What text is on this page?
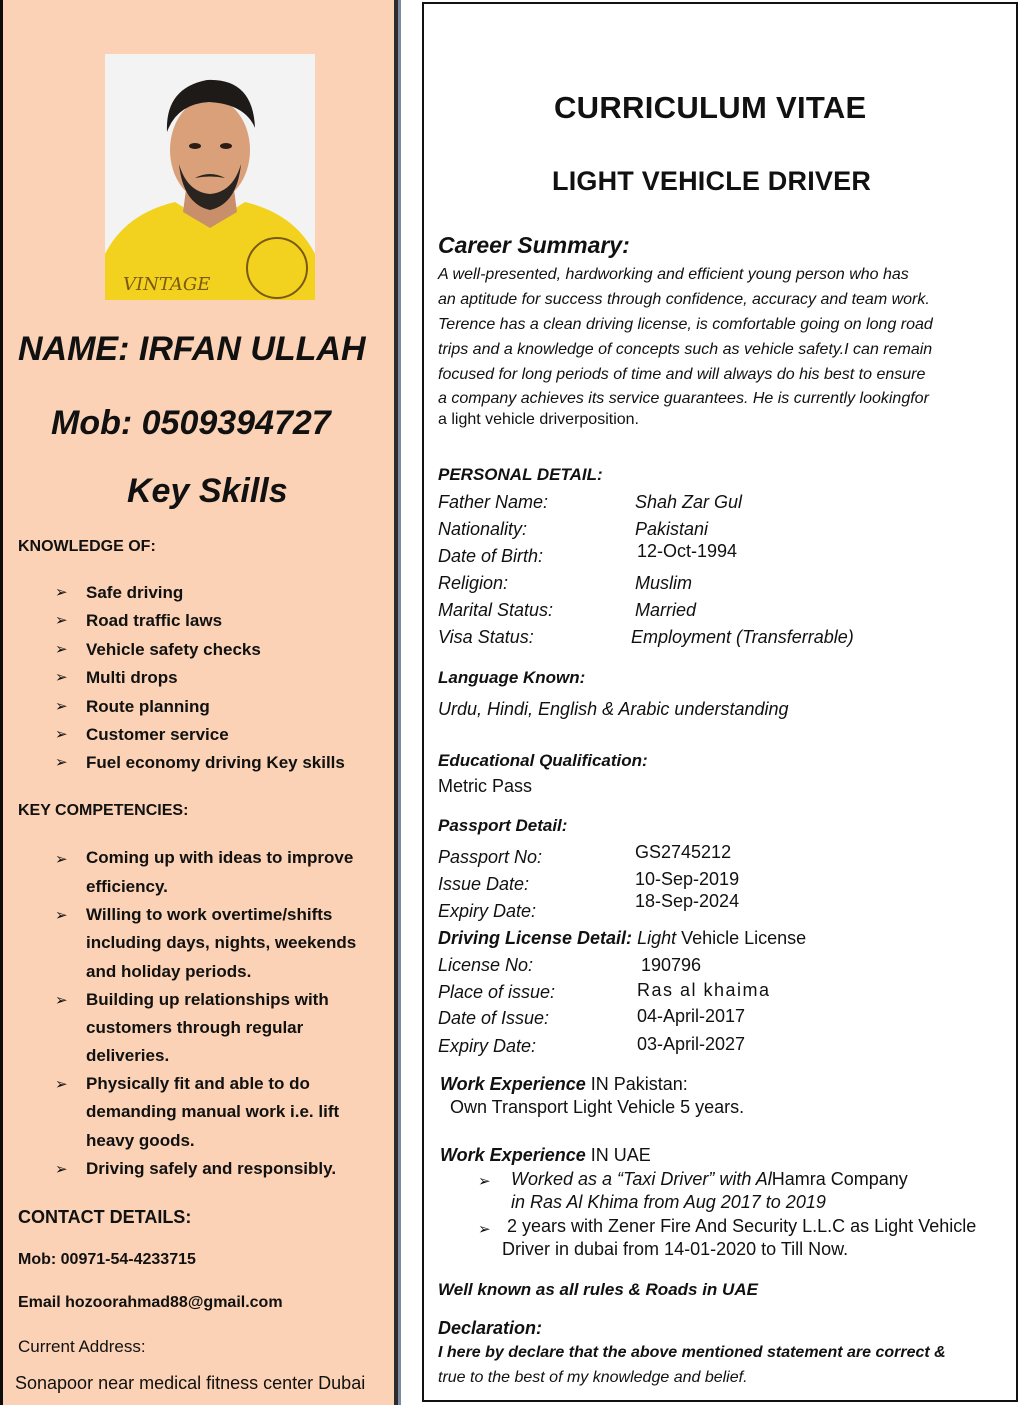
VINTAGE
NAME: IRFAN ULLAH
Mob: 0509394727
Key Skills
KNOWLEDGE OF:
➢ Safe driving
➢ Road traffic laws
➢ Vehicle safety checks
➢ Multi drops
➢ Route planning
➢ Customer service
➢ Fuel economy driving Key skills
KEY COMPETENCIES:
➢ Coming up with ideas to improve
efficiency.
➢ Willing to work overtime/shifts
including days, nights, weekends
and holiday periods.
➢ Building up relationships with
customers through regular
deliveries.
➢ Physically fit and able to do
demanding manual work i.e. lift
heavy goods.
➢ Driving safely and responsibly.
CONTACT DETAILS:
Mob: 00971-54-4233715
Email hozoorahmad88@gmail.com
Current Address:
Sonapoor near medical fitness center Dubai
CURRICULUM VITAE
LIGHT VEHICLE DRIVER
Career Summary:
A well-presented, hardworking and efficient young person who has
an aptitude for success through confidence, accuracy and team work.
Terence has a clean driving license, is comfortable going on long road
trips and a knowledge of concepts such as vehicle safety.I can remain
focused for long periods of time and will always do his best to ensure
a company achieves its service guarantees. He is currently lookingfor
a light vehicle driverposition.
PERSONAL DETAIL:
Father Name:	Shah Zar Gul
Nationality:	Pakistani
Date of Birth:	12-Oct-1994
Religion:	Muslim
Marital Status:	Married
Visa Status:	Employment (Transferrable)
Language Known:
Urdu, Hindi, English & Arabic understanding
Educational Qualification:
Metric Pass
Passport Detail:
Passport No:	GS2745212
Issue Date:	10-Sep-2019
Expiry Date:	18-Sep-2024
Driving License Detail: Light Vehicle License
License No:	190796
Place of issue:	Ras al khaima
Date of Issue:	04-April-2017
Expiry Date:	03-April-2027
Work Experience IN Pakistan:
Own Transport Light Vehicle 5 years.
Work Experience IN UAE
➢ Worked as a “Taxi Driver” with AlHamra Company
in Ras Al Khima from Aug 2017 to 2019
➢ 2 years with Zener Fire And Security L.L.C as Light Vehicle
Driver in dubai from 14-01-2020 to Till Now.
Well known as all rules & Roads in UAE
Declaration:
I here by declare that the above mentioned statement are correct &
true to the best of my knowledge and belief.
